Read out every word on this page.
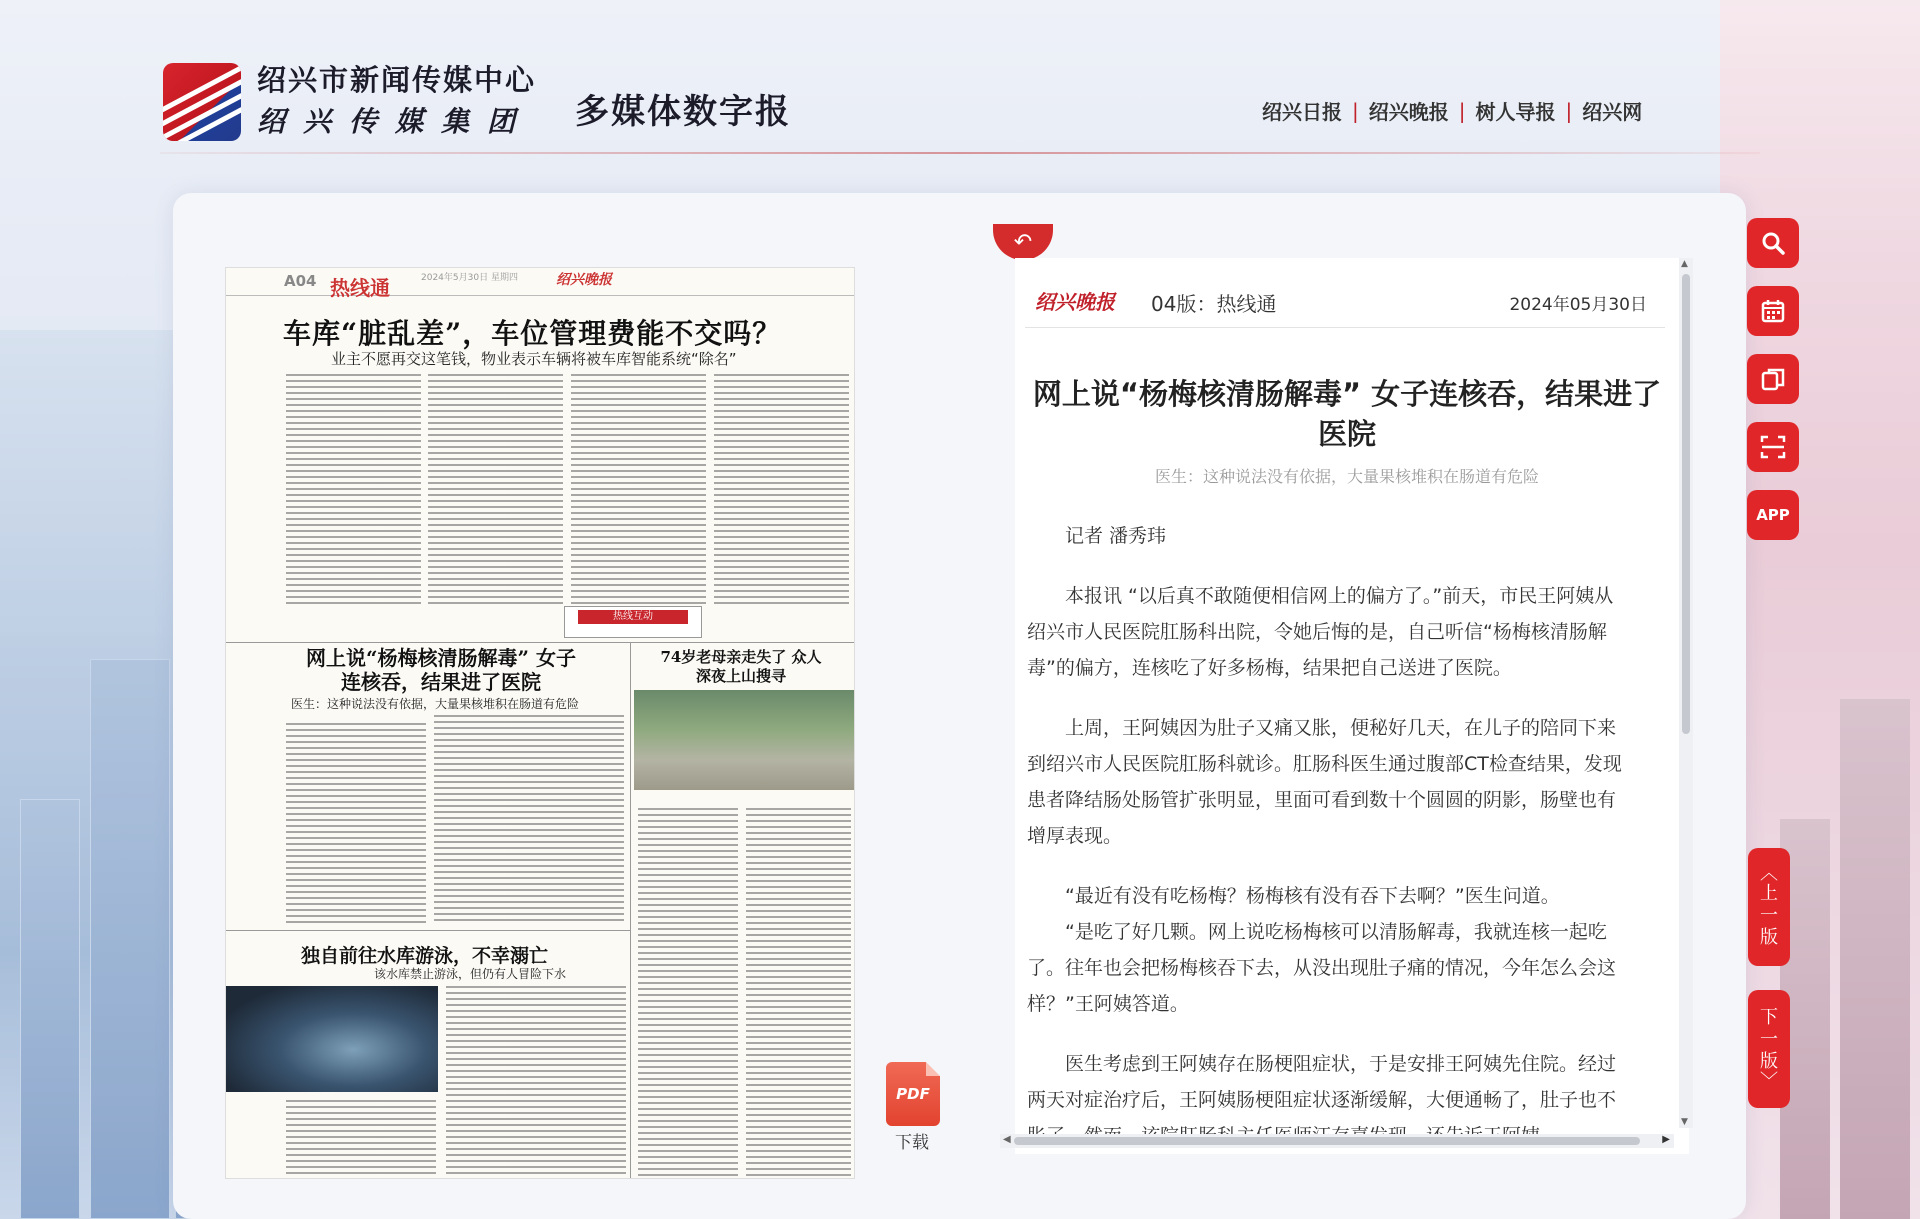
绍兴市新闻传媒中心
绍兴传媒集团 多媒体数字报	绍兴日报 | 绍兴晚报 | 树人导报 | 绍兴网
A04 热线通	2024年5月30日 星期四	绍兴晚报
车库“脏乱差”，车位管理费能不交吗？
业主不愿再交这笔钱，物业表示车辆将被车库智能系统“除名”
热线互动
网上说“杨梅核清肠解毒” 女子连核吞，结果进了医院
医生：这种说法没有依据，大量果核堆积在肠道有危险
74岁老母亲走失了 众人深夜上山搜寻
独自前往水库游泳，不幸溺亡
该水库禁止游泳，但仍有人冒险下水
PDF
下载
↶
绍兴晚报 04版：热线通	2024年05月30日
网上说“杨梅核清肠解毒” 女子连核吞，结果进了医院
医生：这种说法没有依据，大量果核堆积在肠道有危险

记者 潘秀玮

本报讯 “以后真不敢随便相信网上的偏方了。”前天，市民王阿姨从绍兴市人民医院肛肠科出院，令她后悔的是，自己听信“杨梅核清肠解毒”的偏方，连核吃了好多杨梅，结果把自己送进了医院。

上周，王阿姨因为肚子又痛又胀，便秘好几天，在儿子的陪同下来到绍兴市人民医院肛肠科就诊。肛肠科医生通过腹部CT检查结果，发现患者降结肠处肠管扩张明显，里面可看到数十个圆圆的阴影，肠壁也有增厚表现。

“最近有没有吃杨梅？杨梅核有没有吞下去啊？”医生问道。

“是吃了好几颗。网上说吃杨梅核可以清肠解毒，我就连核一起吃了。往年也会把杨梅核吞下去，从没出现肚子痛的情况，今年怎么会这样？”王阿姨答道。

医生考虑到王阿姨存在肠梗阻症状，于是安排王阿姨先住院。经过两天对症治疗后，王阿姨肠梗阻症状逐渐缓解，大便通畅了，肚子也不

▲
▼
◀	▶
APP
︿
上
一
版
下
一
版
﹀
